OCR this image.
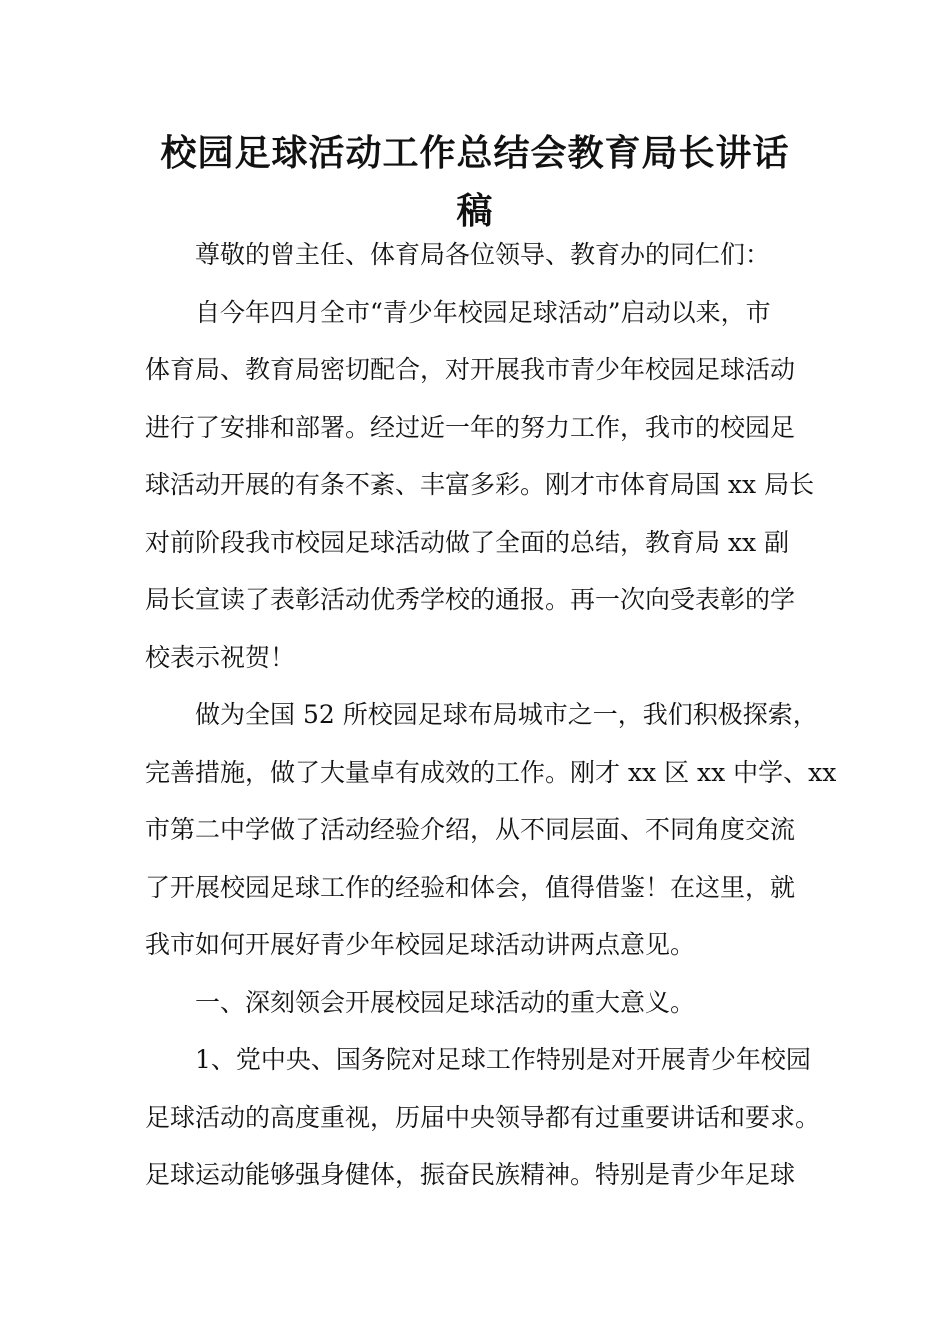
校园足球活动工作总结会教育局长讲话
稿

尊敬的曾主任、体育局各位领导、教育办的同仁们：

自今年四月全市“青少年校园足球活动”启动以来，市
体育局、教育局密切配合，对开展我市青少年校园足球活动
进行了安排和部署。经过近一年的努力工作，我市的校园足
球活动开展的有条不紊、丰富多彩。刚才市体育局国 xx 局长
对前阶段我市校园足球活动做了全面的总结，教育局 xx 副
局长宣读了表彰活动优秀学校的通报。再一次向受表彰的学
校表示祝贺！

做为全国 52 所校园足球布局城市之一，我们积极探索，
完善措施，做了大量卓有成效的工作。刚才 xx 区 xx 中学、xx
市第二中学做了活动经验介绍，从不同层面、不同角度交流
了开展校园足球工作的经验和体会，值得借鉴！在这里，就
我市如何开展好青少年校园足球活动讲两点意见。

一、深刻领会开展校园足球活动的重大意义。

1、党中央、国务院对足球工作特别是对开展青少年校园
足球活动的高度重视，历届中央领导都有过重要讲话和要求。
足球运动能够强身健体，振奋民族精神。特别是青少年足球
